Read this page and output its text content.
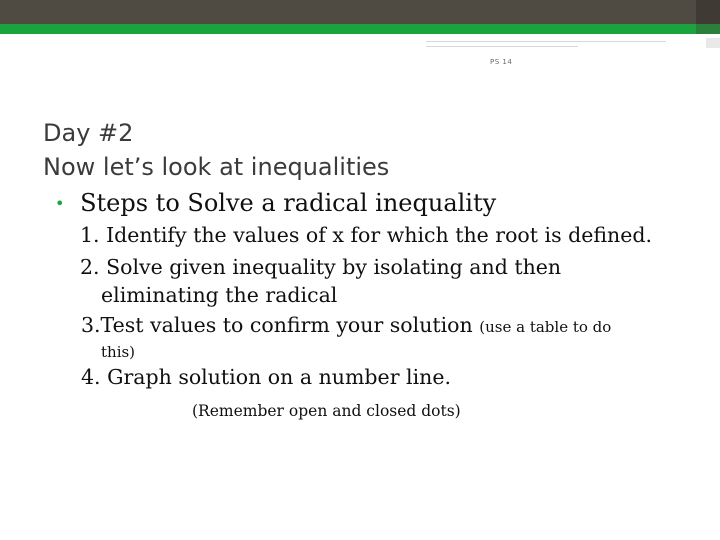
PS 14
Day #2
Now let’s look at inequalities
• Steps to Solve a radical inequality
1. Identify the values of x for which the root is defined.
2. Solve given inequality by isolating and then
eliminating the radical
3.Test values to confirm your solution (use a table to do
this)
4. Graph solution on a number line.
(Remember open and closed dots)
